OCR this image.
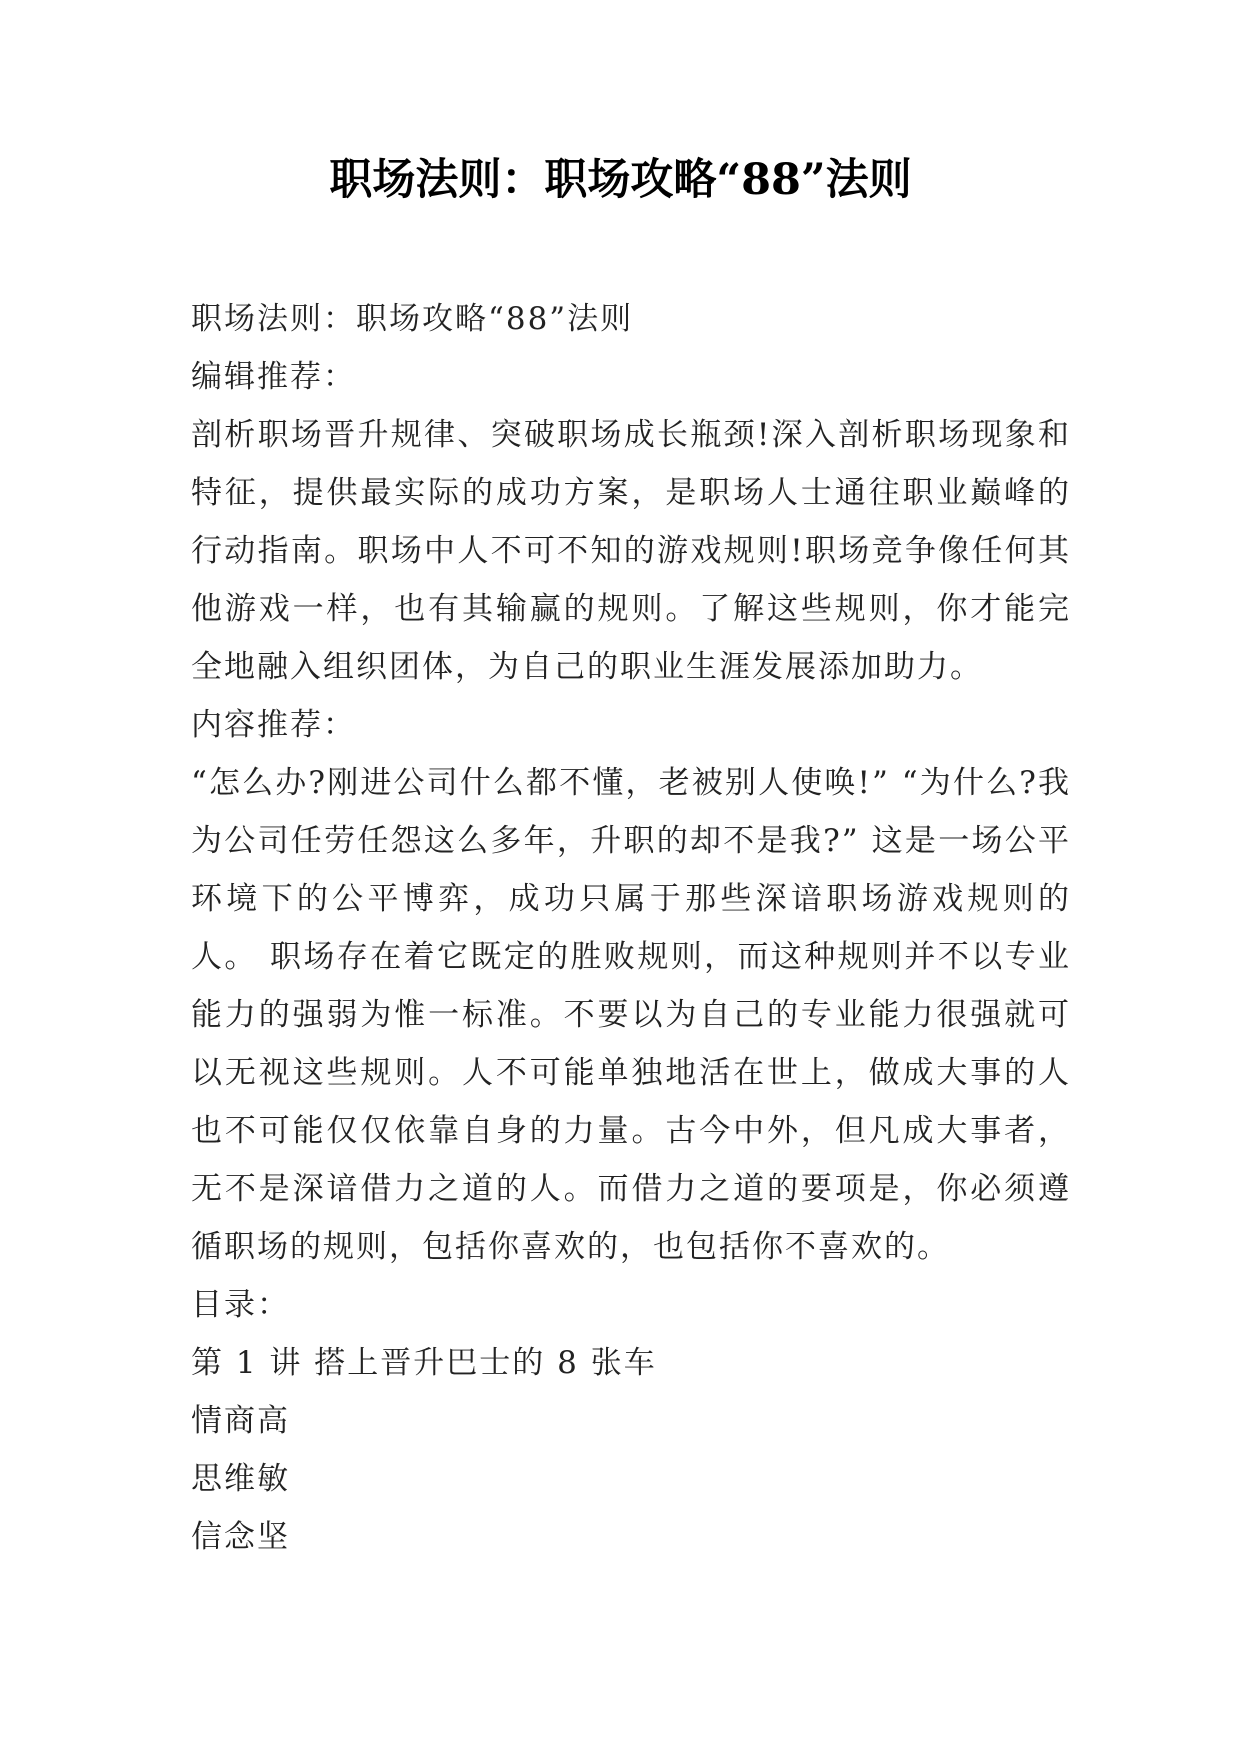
职场法则：职场攻略“88”法则
职场法则：职场攻略“88”法则
编辑推荐：
剖析职场晋升规律、突破职场成长瓶颈!深入剖析职场现象和特征，提供最实际的成功方案，是职场人士通往职业巅峰的行动指南。职场中人不可不知的游戏规则!职场竞争像任何其他游戏一样，也有其输赢的规则。了解这些规则，你才能完全地融入组织团体，为自己的职业生涯发展添加助力。
内容推荐：
“怎么办?刚进公司什么都不懂，老被别人使唤!” “为什么?我为公司任劳任怨这么多年，升职的却不是我?” 这是一场公平环境下的公平博弈，成功只属于那些深谙职场游戏规则的人。 职场存在着它既定的胜败规则，而这种规则并不以专业能力的强弱为惟一标准。不要以为自己的专业能力很强就可以无视这些规则。人不可能单独地活在世上，做成大事的人也不可能仅仅依靠自身的力量。古今中外，但凡成大事者，无不是深谙借力之道的人。而借力之道的要项是，你必须遵循职场的规则，包括你喜欢的，也包括你不喜欢的。
目录：
第 1 讲 搭上晋升巴士的 8 张车
情商高
思维敏
信念坚
